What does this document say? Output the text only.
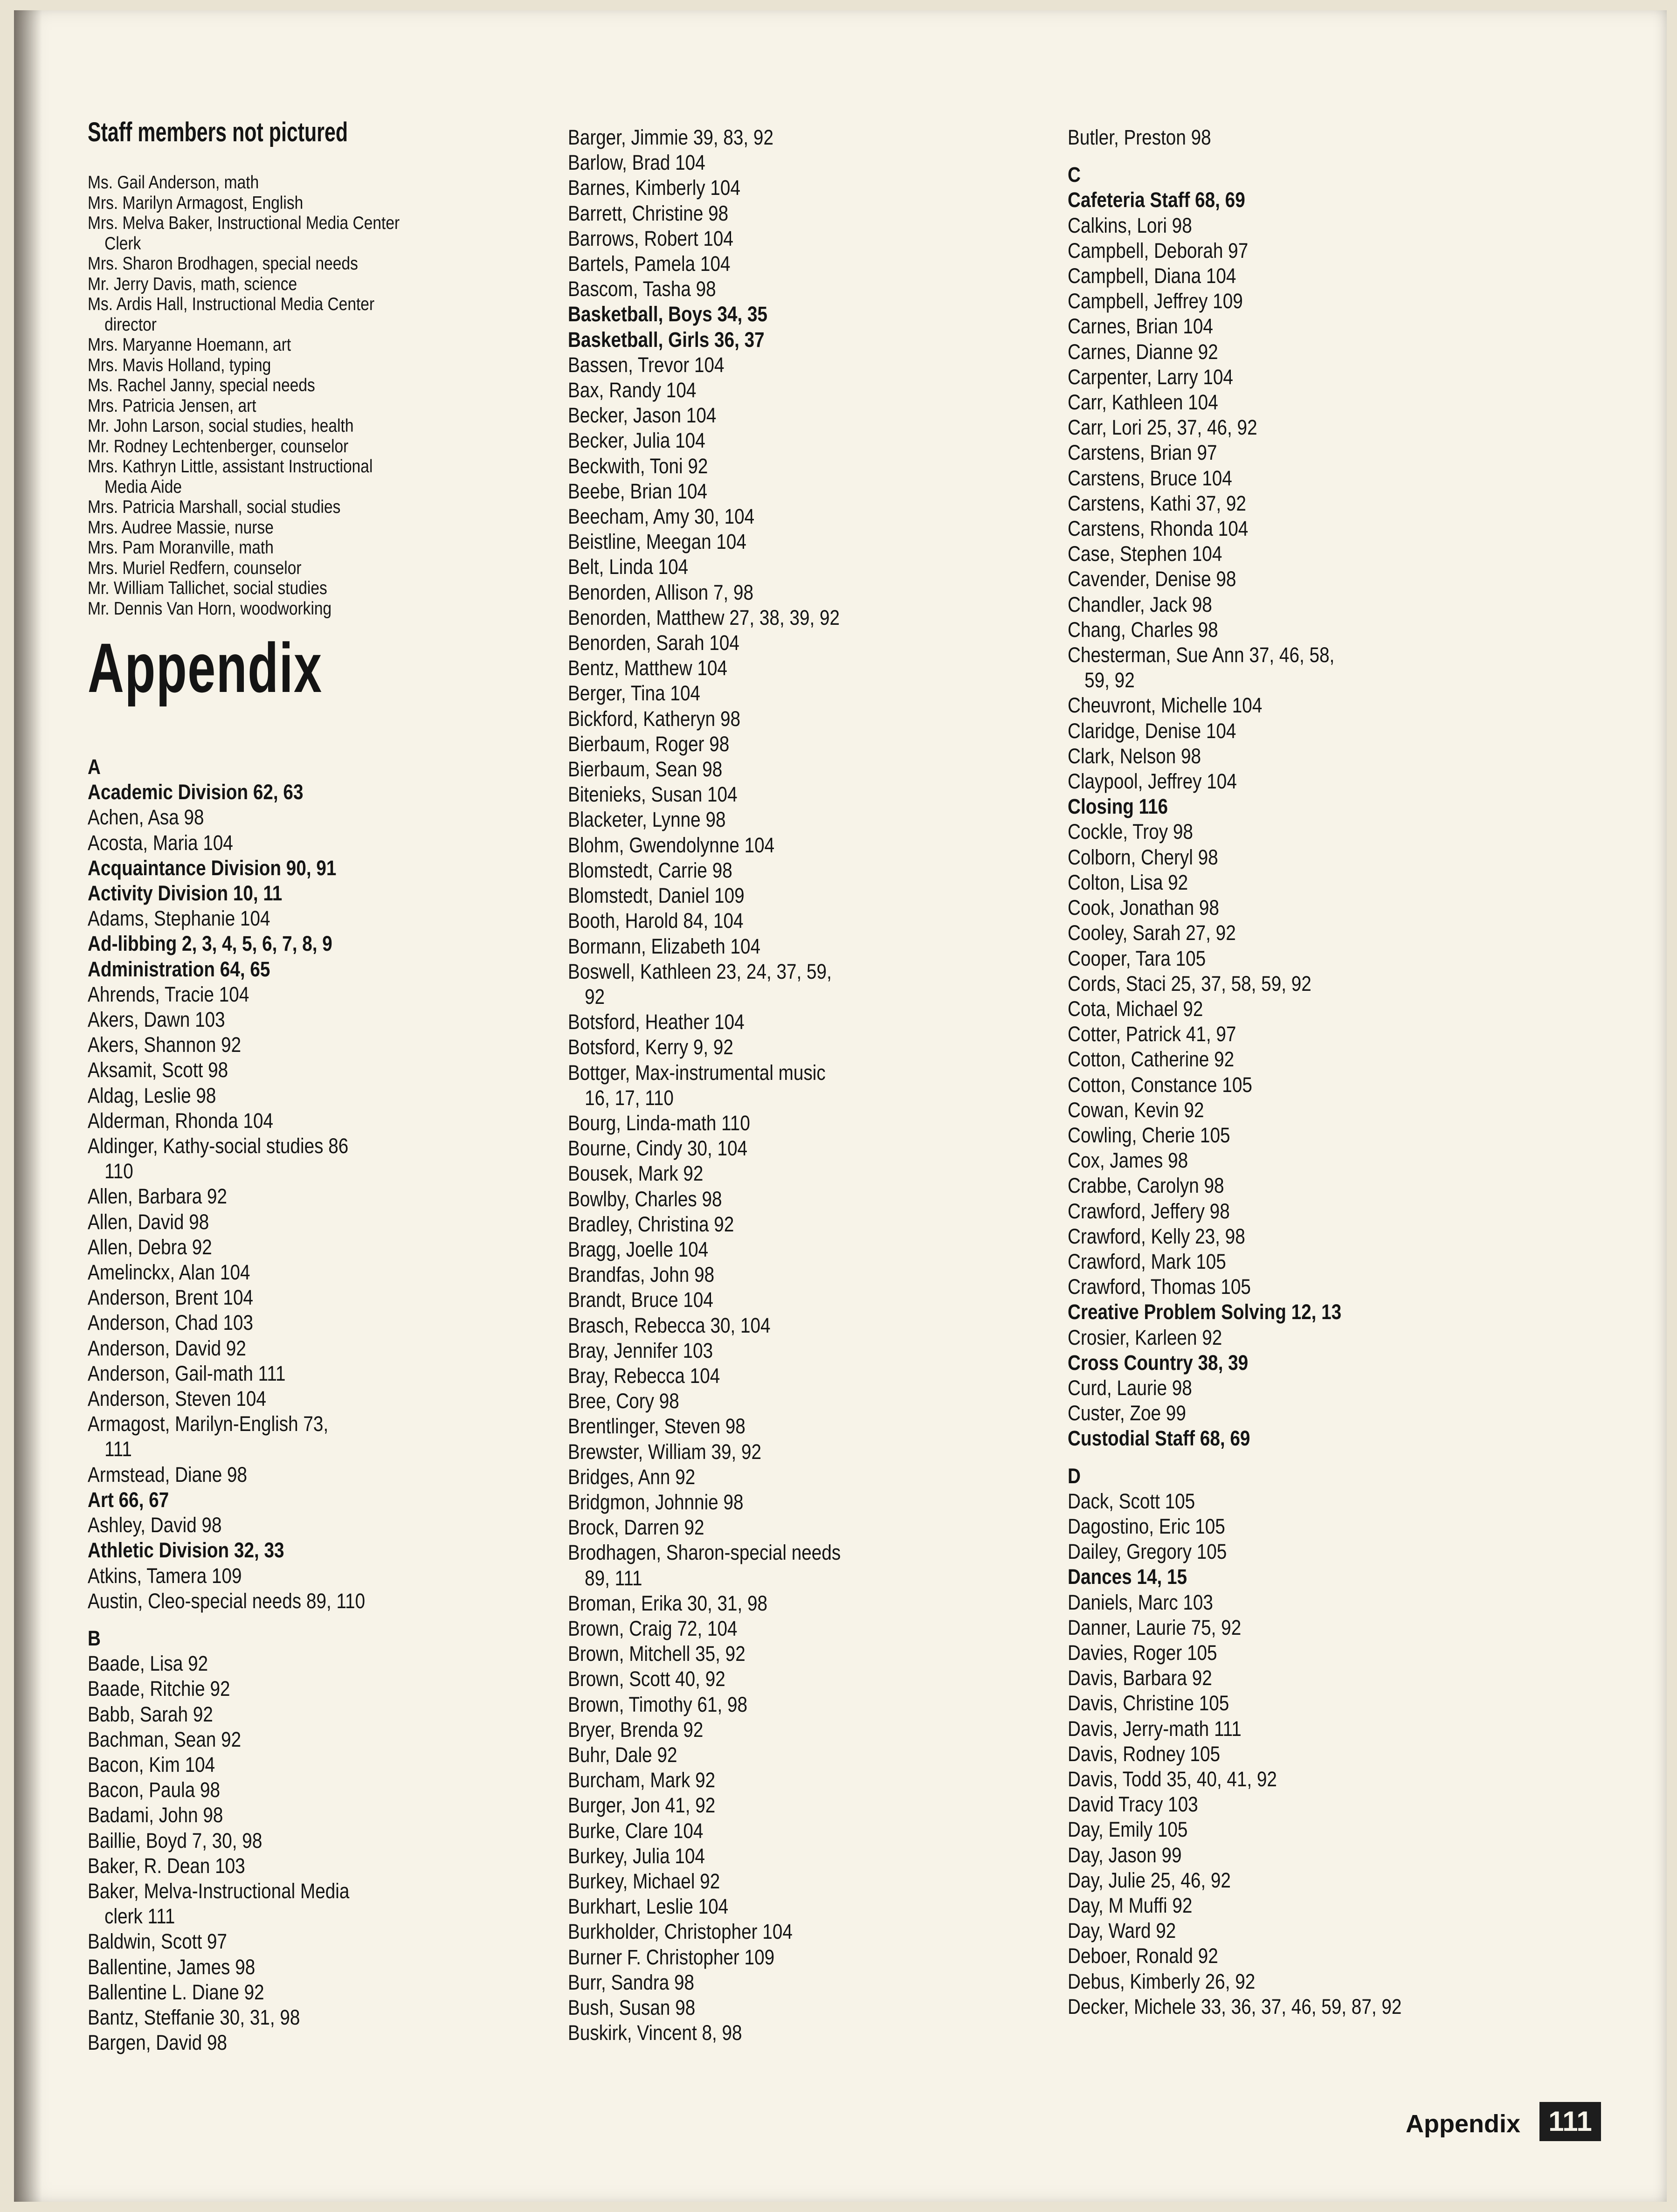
Staff members not pictured
Ms. Gail Anderson, math
Mrs. Marilyn Armagost, English
Mrs. Melva Baker, Instructional Media Center
Clerk
Mrs. Sharon Brodhagen, special needs
Mr. Jerry Davis, math, science
Ms. Ardis Hall, Instructional Media Center
director
Mrs. Maryanne Hoemann, art
Mrs. Mavis Holland, typing
Ms. Rachel Janny, special needs
Mrs. Patricia Jensen, art
Mr. John Larson, social studies, health
Mr. Rodney Lechtenberger, counselor
Mrs. Kathryn Little, assistant Instructional
Media Aide
Mrs. Patricia Marshall, social studies
Mrs. Audree Massie, nurse
Mrs. Pam Moranville, math
Mrs. Muriel Redfern, counselor
Mr. William Tallichet, social studies
Mr. Dennis Van Horn, woodworking
Appendix
A
Academic Division 62, 63
Achen, Asa 98
Acosta, Maria 104
Acquaintance Division 90, 91
Activity Division 10, 11
Adams, Stephanie 104
Ad-libbing 2, 3, 4, 5, 6, 7, 8, 9
Administration 64, 65
Ahrends, Tracie 104
Akers, Dawn 103
Akers, Shannon 92
Aksamit, Scott 98
Aldag, Leslie 98
Alderman, Rhonda 104
Aldinger, Kathy-social studies 86
110
Allen, Barbara 92
Allen, David 98
Allen, Debra 92
Amelinckx, Alan 104
Anderson, Brent 104
Anderson, Chad 103
Anderson, David 92
Anderson, Gail-math 111
Anderson, Steven 104
Armagost, Marilyn-English 73,
111
Armstead, Diane 98
Art 66, 67
Ashley, David 98
Athletic Division 32, 33
Atkins, Tamera 109
Austin, Cleo-special needs 89, 110
B
Baade, Lisa 92
Baade, Ritchie 92
Babb, Sarah 92
Bachman, Sean 92
Bacon, Kim 104
Bacon, Paula 98
Badami, John 98
Baillie, Boyd 7, 30, 98
Baker, R. Dean 103
Baker, Melva-Instructional Media
clerk 111
Baldwin, Scott 97
Ballentine, James 98
Ballentine L. Diane 92
Bantz, Steffanie 30, 31, 98
Bargen, David 98
Barger, Jimmie 39, 83, 92
Barlow, Brad 104
Barnes, Kimberly 104
Barrett, Christine 98
Barrows, Robert 104
Bartels, Pamela 104
Bascom, Tasha 98
Basketball, Boys 34, 35
Basketball, Girls 36, 37
Bassen, Trevor 104
Bax, Randy 104
Becker, Jason 104
Becker, Julia 104
Beckwith, Toni 92
Beebe, Brian 104
Beecham, Amy 30, 104
Beistline, Meegan 104
Belt, Linda 104
Benorden, Allison 7, 98
Benorden, Matthew 27, 38, 39, 92
Benorden, Sarah 104
Bentz, Matthew 104
Berger, Tina 104
Bickford, Katheryn 98
Bierbaum, Roger 98
Bierbaum, Sean 98
Bitenieks, Susan 104
Blacketer, Lynne 98
Blohm, Gwendolynne 104
Blomstedt, Carrie 98
Blomstedt, Daniel 109
Booth, Harold 84, 104
Bormann, Elizabeth 104
Boswell, Kathleen 23, 24, 37, 59,
92
Botsford, Heather 104
Botsford, Kerry 9, 92
Bottger, Max-instrumental music
16, 17, 110
Bourg, Linda-math 110
Bourne, Cindy 30, 104
Bousek, Mark 92
Bowlby, Charles 98
Bradley, Christina 92
Bragg, Joelle 104
Brandfas, John 98
Brandt, Bruce 104
Brasch, Rebecca 30, 104
Bray, Jennifer 103
Bray, Rebecca 104
Bree, Cory 98
Brentlinger, Steven 98
Brewster, William 39, 92
Bridges, Ann 92
Bridgmon, Johnnie 98
Brock, Darren 92
Brodhagen, Sharon-special needs
89, 111
Broman, Erika 30, 31, 98
Brown, Craig 72, 104
Brown, Mitchell 35, 92
Brown, Scott 40, 92
Brown, Timothy 61, 98
Bryer, Brenda 92
Buhr, Dale 92
Burcham, Mark 92
Burger, Jon 41, 92
Burke, Clare 104
Burkey, Julia 104
Burkey, Michael 92
Burkhart, Leslie 104
Burkholder, Christopher 104
Burner F. Christopher 109
Burr, Sandra 98
Bush, Susan 98
Buskirk, Vincent 8, 98
Butler, Preston 98
C
Cafeteria Staff 68, 69
Calkins, Lori 98
Campbell, Deborah 97
Campbell, Diana 104
Campbell, Jeffrey 109
Carnes, Brian 104
Carnes, Dianne 92
Carpenter, Larry 104
Carr, Kathleen 104
Carr, Lori 25, 37, 46, 92
Carstens, Brian 97
Carstens, Bruce 104
Carstens, Kathi 37, 92
Carstens, Rhonda 104
Case, Stephen 104
Cavender, Denise 98
Chandler, Jack 98
Chang, Charles 98
Chesterman, Sue Ann 37, 46, 58,
59, 92
Cheuvront, Michelle 104
Claridge, Denise 104
Clark, Nelson 98
Claypool, Jeffrey 104
Closing 116
Cockle, Troy 98
Colborn, Cheryl 98
Colton, Lisa 92
Cook, Jonathan 98
Cooley, Sarah 27, 92
Cooper, Tara 105
Cords, Staci 25, 37, 58, 59, 92
Cota, Michael 92
Cotter, Patrick 41, 97
Cotton, Catherine 92
Cotton, Constance 105
Cowan, Kevin 92
Cowling, Cherie 105
Cox, James 98
Crabbe, Carolyn 98
Crawford, Jeffery 98
Crawford, Kelly 23, 98
Crawford, Mark 105
Crawford, Thomas 105
Creative Problem Solving 12, 13
Crosier, Karleen 92
Cross Country 38, 39
Curd, Laurie 98
Custer, Zoe 99
Custodial Staff 68, 69
D
Dack, Scott 105
Dagostino, Eric 105
Dailey, Gregory 105
Dances 14, 15
Daniels, Marc 103
Danner, Laurie 75, 92
Davies, Roger 105
Davis, Barbara 92
Davis, Christine 105
Davis, Jerry-math 111
Davis, Rodney 105
Davis, Todd 35, 40, 41, 92
David Tracy 103
Day, Emily 105
Day, Jason 99
Day, Julie 25, 46, 92
Day, M Muffi 92
Day, Ward 92
Deboer, Ronald 92
Debus, Kimberly 26, 92
Decker, Michele 33, 36, 37, 46, 59, 87, 92
Appendix	111
